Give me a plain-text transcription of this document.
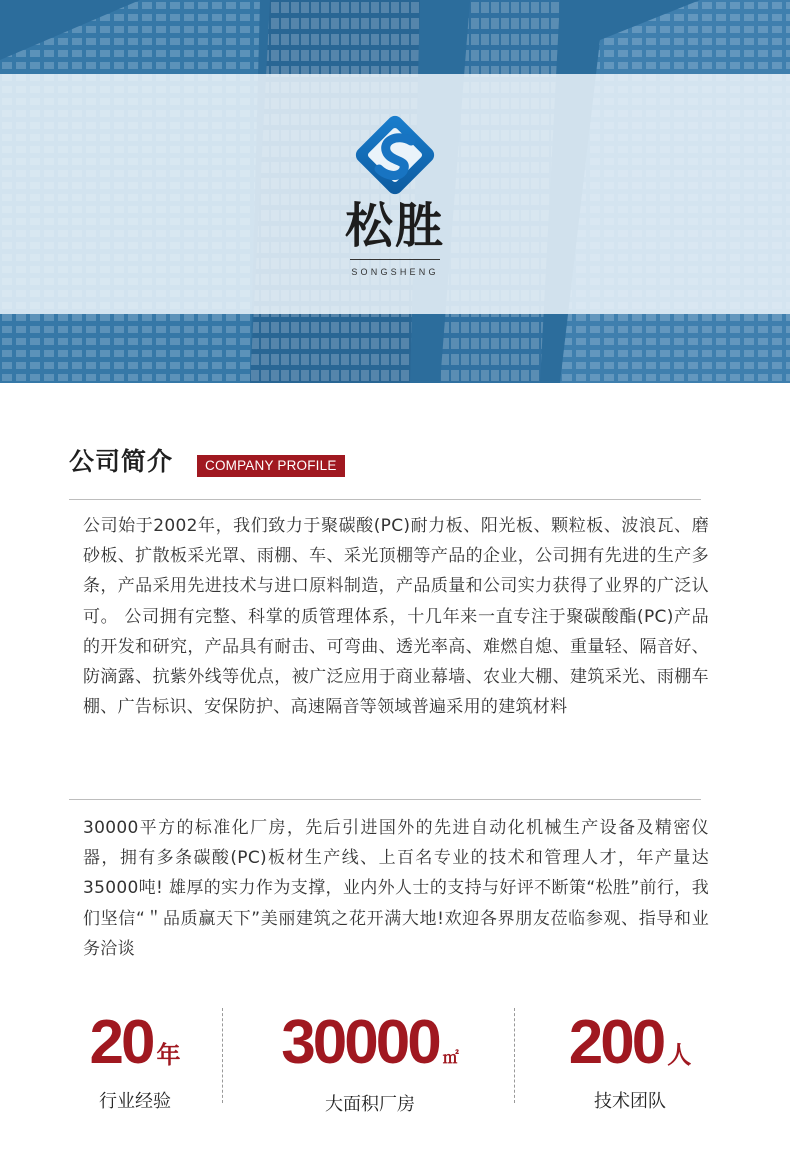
松胜
SONGSHENG
公司简介	COMPANY PROFILE
公司始于2002年，我们致力于聚碳酸(PC)耐力板、阳光板、颗粒板、波浪瓦、磨砂板、扩散板采光罩、雨棚、车、采光顶棚等产品的企业，公司拥有先进的生产多条，产品采用先进技术与进口原料制造，产品质量和公司实力获得了业界的广泛认可。 公司拥有完整、科掌的质管理体系，十几年来一直专注于聚碳酸酯(PC)产品的开发和研究，产品具有耐击、可弯曲、透光率高、难燃自熄、重量轻、隔音好、防滴露、抗紫外线等优点，被广泛应用于商业幕墙、农业大棚、建筑采光、雨棚车棚、广告标识、安保防护、高速隔音等领域普遍采用的建筑材料
30000平方的标准化厂房，先后引进国外的先进自动化机械生产设备及精密仪器，拥有多条碳酸(PC)板材生产线、上百名专业的技术和管理人才，年产量达35000吨! 雄厚的实力作为支撑，业内外人士的支持与好评不断策“松胜”前行，我们坚信“＂品质赢天下”美丽建筑之花开满大地!欢迎各界朋友莅临参观、指导和业务洽谈
20 年
行业经验
30000 ㎡
大面积厂房
200 人
技术团队
